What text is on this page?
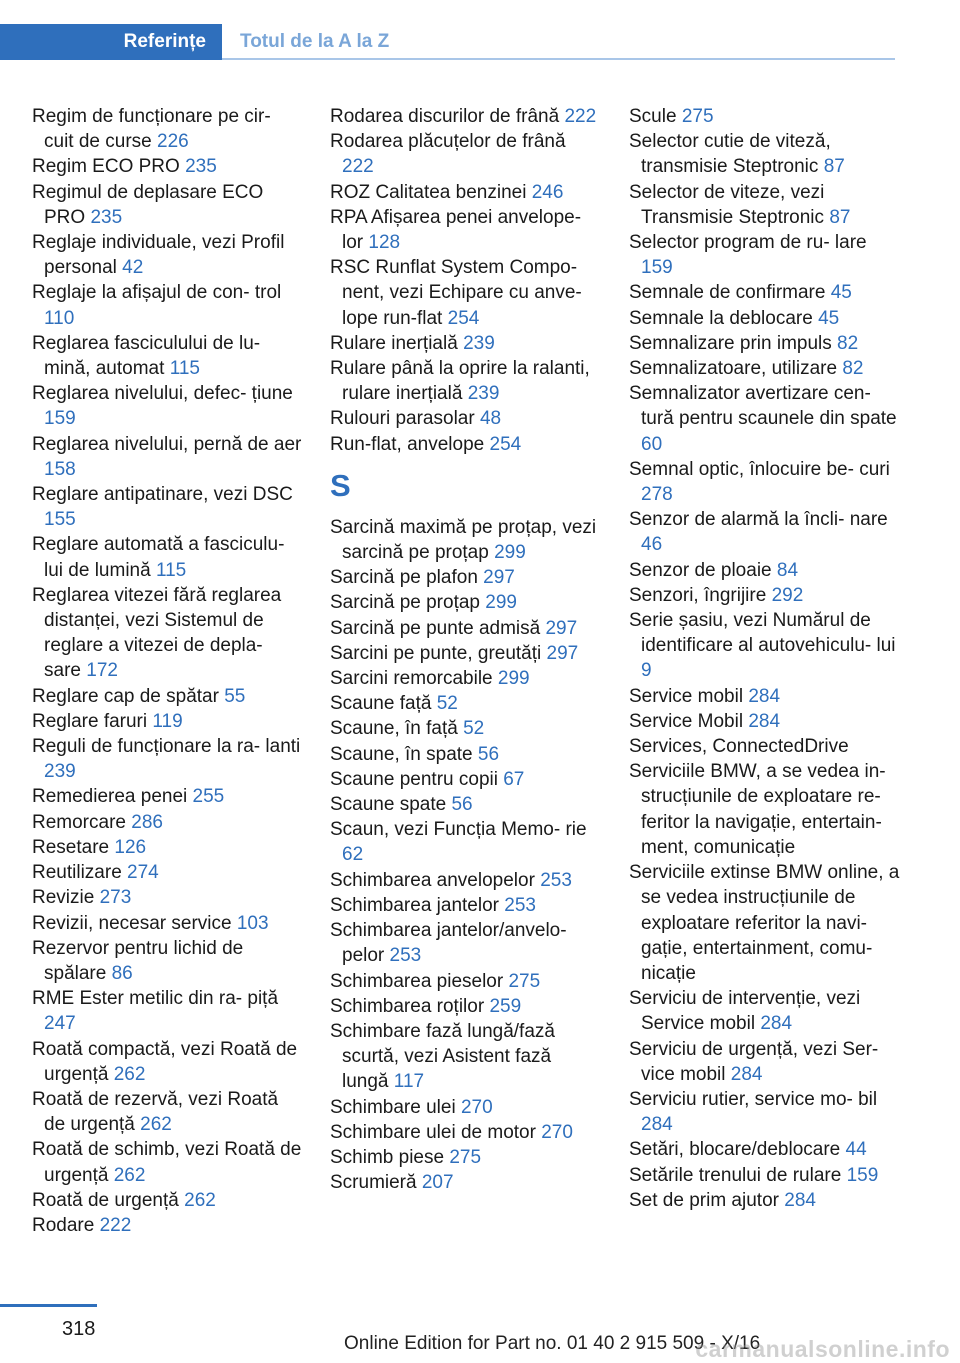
Referințe	Totul de la A la Z
Regim de funcționare pe cir‐ cuit de curse 226
Regim ECO PRO 235
Regimul de deplasare ECO PRO 235
Reglaje individuale, vezi Profil personal 42
Reglaje la afișajul de con‐ trol 110
Reglarea fasciculului de lu‐ mină, automat 115
Reglarea nivelului, defec‐ țiune 159
Reglarea nivelului, pernă de aer 158
Reglare antipatinare, vezi DSC 155
Reglare automată a fasciculu‐ lui de lumină 115
Reglarea vitezei fără reglarea distanței, vezi Sistemul de reglare a vitezei de depla‐ sare 172
Reglare cap de spătar 55
Reglare faruri 119
Reguli de funcționare la ra‐ lanti 239
Remedierea penei 255
Remorcare 286
Resetare 126
Reutilizare 274
Revizie 273
Revizii, necesar service 103
Rezervor pentru lichid de spălare 86
RME Ester metilic din ra‐ piță 247
Roată compactă, vezi Roată de urgență 262
Roată de rezervă, vezi Roată de urgență 262
Roată de schimb, vezi Roată de urgență 262
Roată de urgență 262
Rodare 222
Rodarea discurilor de frână 222
Rodarea plăcuțelor de frână 222
ROZ Calitatea benzinei 246
RPA Afișarea penei anvelope‐ lor 128
RSC Runflat System Compo‐ nent, vezi Echipare cu anve‐ lope run-flat 254
Rulare inerțială 239
Rulare până la oprire la ralanti, rulare inerțială 239
Rulouri parasolar 48
Run-flat, anvelope 254
S
Sarcină maximă pe proțap, vezi sarcină pe proțap 299
Sarcină pe plafon 297
Sarcină pe proțap 299
Sarcină pe punte admisă 297
Sarcini pe punte, greutăți 297
Sarcini remorcabile 299
Scaune față 52
Scaune, în față 52
Scaune, în spate 56
Scaune pentru copii 67
Scaune spate 56
Scaun, vezi Funcția Memo‐ rie 62
Schimbarea anvelopelor 253
Schimbarea jantelor 253
Schimbarea jantelor/anvelo‐ pelor 253
Schimbarea pieselor 275
Schimbarea roților 259
Schimbare fază lungă/fază scurtă, vezi Asistent fază lungă 117
Schimbare ulei 270
Schimbare ulei de motor 270
Schimb piese 275
Scrumieră 207
Scule 275
Selector cutie de viteză, transmisie Steptronic 87
Selector de viteze, vezi Transmisie Steptronic 87
Selector program de ru‐ lare 159
Semnale de confirmare 45
Semnale la deblocare 45
Semnalizare prin impuls 82
Semnalizatoare, utilizare 82
Semnalizator avertizare cen‐ tură pentru scaunele din spate 60
Semnal optic, înlocuire be‐ curi 278
Senzor de alarmă la încli‐ nare 46
Senzor de ploaie 84
Senzori, îngrijire 292
Serie șasiu, vezi Numărul de identificare al autovehiculu‐ lui 9
Service mobil 284
Service Mobil 284
Services, ConnectedDrive
Serviciile BMW, a se vedea in‐ strucțiunile de exploatare re‐ feritor la navigație, entertain‐ ment, comunicație
Serviciile extinse BMW online, a se vedea instrucțiunile de exploatare referitor la navi‐ gație, entertainment, comu‐ nicație
Serviciu de intervenție, vezi Service mobil 284
Serviciu de urgență, vezi Ser‐ vice mobil 284
Serviciu rutier, service mo‐ bil 284
Setări, blocare/deblocare 44
Setările trenului de rulare 159
Set de prim ajutor 284
318
Online Edition for Part no. 01 40 2 915 509 - X/16
carmanualsonline.info
